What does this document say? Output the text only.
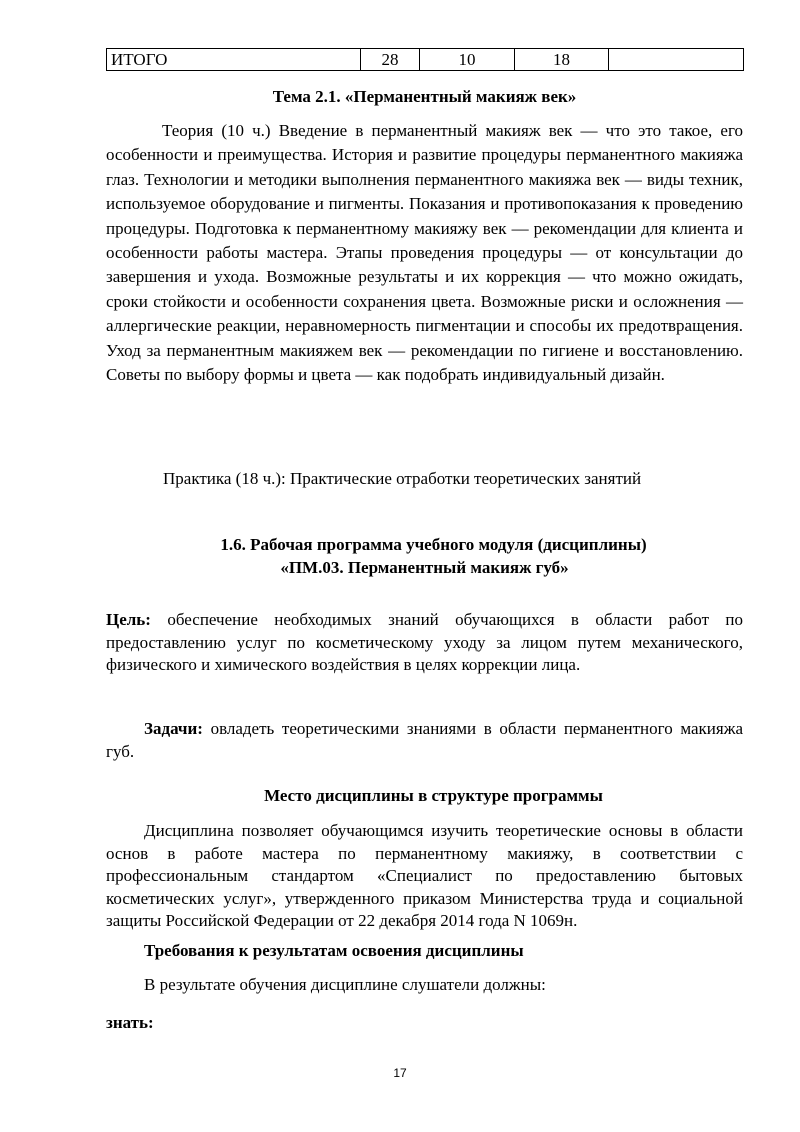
ИТОГО	28	10	18	
Тема 2.1. «Перманентный макияж век»
Теория (10 ч.) Введение в перманентный макияж век — что это такое, его особенности и преимущества. История и развитие процедуры перманентного макияжа глаз. Технологии и методики выполнения перманентного макияжа век — виды техник, используемое оборудование и пигменты. Показания и противопоказания к проведению процедуры. Подготовка к перманентному макияжу век — рекомендации для клиента и особенности работы мастера. Этапы проведения процедуры — от консультации до завершения и ухода. Возможные результаты и их коррекция — что можно ожидать, сроки стойкости и особенности сохранения цвета. Возможные риски и осложнения — аллергические реакции, неравномерность пигментации и способы их предотвращения. Уход за перманентным макияжем век — рекомендации по гигиене и восстановлению. Советы по выбору формы и цвета — как подобрать индивидуальный дизайн.
Практика (18 ч.): Практические отработки теоретических занятий
1.6. Рабочая программа учебного модуля (дисциплины)
«ПМ.03. Перманентный макияж губ»
Цель: обеспечение необходимых знаний обучающихся в области работ по предоставлению услуг по косметическому уходу за лицом путем механического, физического и химического воздействия в целях коррекции лица.
Задачи: овладеть теоретическими знаниями в области перманентного макияжа губ.
Место дисциплины в структуре программы
Дисциплина позволяет обучающимся изучить теоретические основы в области основ в работе мастера по перманентному макияжу, в соответствии с профессиональным стандартом «Специалист по предоставлению бытовых косметических услуг», утвержденного приказом Министерства труда и социальной защиты Российской Федерации от 22 декабря 2014 года N 1069н.
Требования к результатам освоения дисциплины
В результате обучения дисциплине слушатели должны:
знать:
17
